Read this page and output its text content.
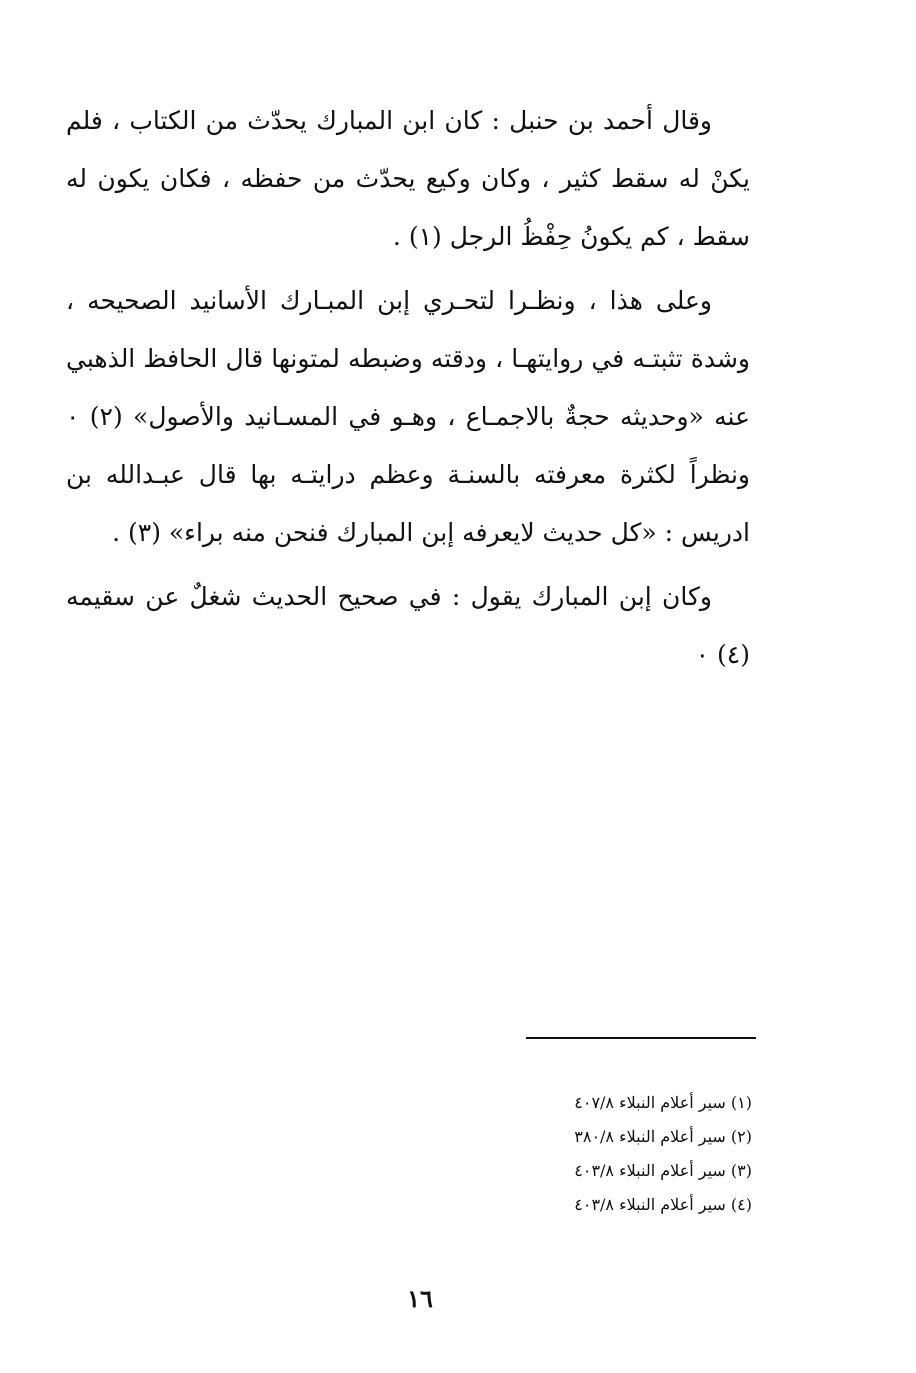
وقال أحمد بن حنبل : كان ابن المبارك يحدّث من الكتاب ، فلم يكنْ له سقط كثير ، وكان وكيع يحدّث من حفظه ، فكان يكون له سقط ، كم يكونُ حِفْظُ الرجل (١) .

وعلى هذا ، ونظـرا لتحـري إبن المبـارك الأسانيد الصحيحه ، وشدة تثبتـه في روايتهـا ، ودقته وضبطه لمتونها قال الحافظ الذهبي عنه «وحديثه حجةٌ بالاجمـاع ، وهـو في المسـانيد والأصول» (٢) ٠ ونظراً لكثرة معرفته بالسنـة وعظم درايتـه بها قال عبـدالله بن ادريس : «كل حديث لايعرفه إبن المبارك فنحن منه براء» (٣) .

وكان إبن المبارك يقول : في صحيح الحديث شغلٌ عن سقيمه (٤) ٠

(١) سير أعلام النبلاء ٤٠٧/٨
(٢) سير أعلام النبلاء ٣٨٠/٨
(٣) سير أعلام النبلاء ٤٠٣/٨
(٤) سير أعلام النبلاء ٤٠٣/٨
١٦
